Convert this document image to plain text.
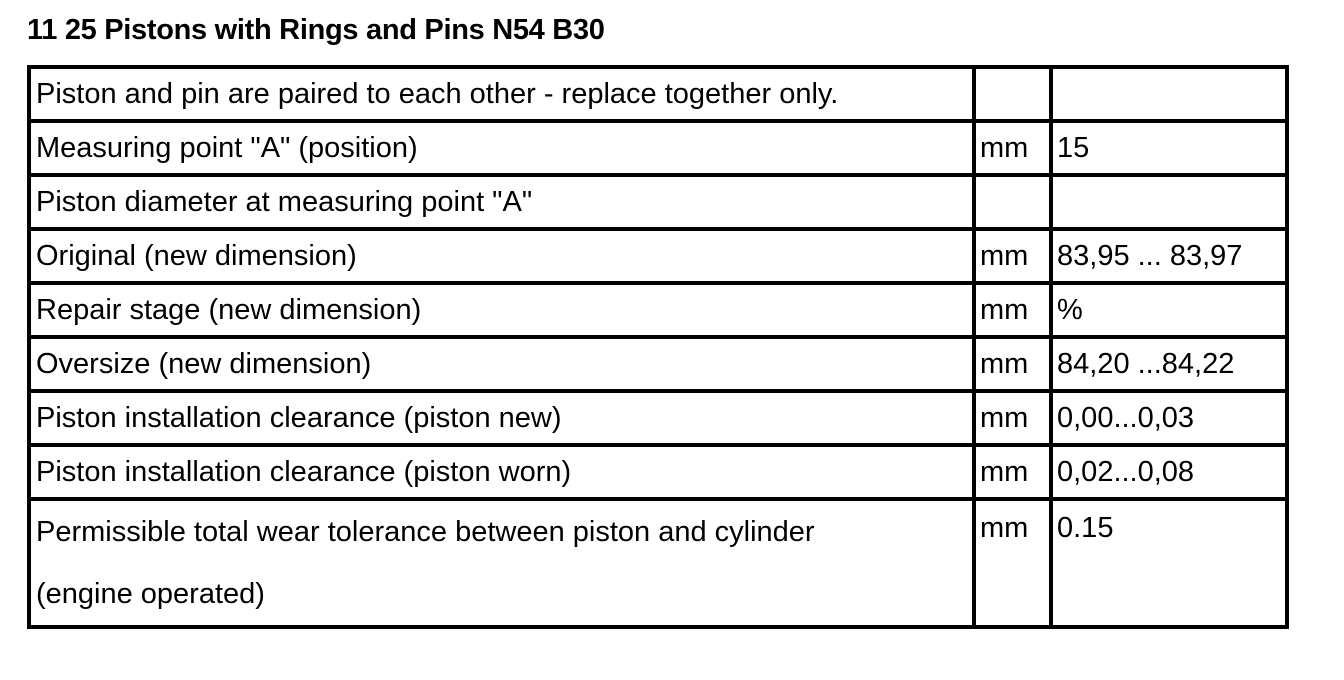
11 25 Pistons with Rings and Pins N54 B30
Piston and pin are paired to each other - replace together only.		
Measuring point "A" (position)	mm	15
Piston diameter at measuring point "A"		
Original (new dimension)	mm	83,95 ... 83,97
Repair stage (new dimension)	mm	%
Oversize (new dimension)	mm	84,20 ...84,22
Piston installation clearance (piston new)	mm	0,00...0,03
Piston installation clearance (piston worn)	mm	0,02...0,08

Permissible total wear tolerance between piston and cylinder
(engine operated)	mm	0.15
